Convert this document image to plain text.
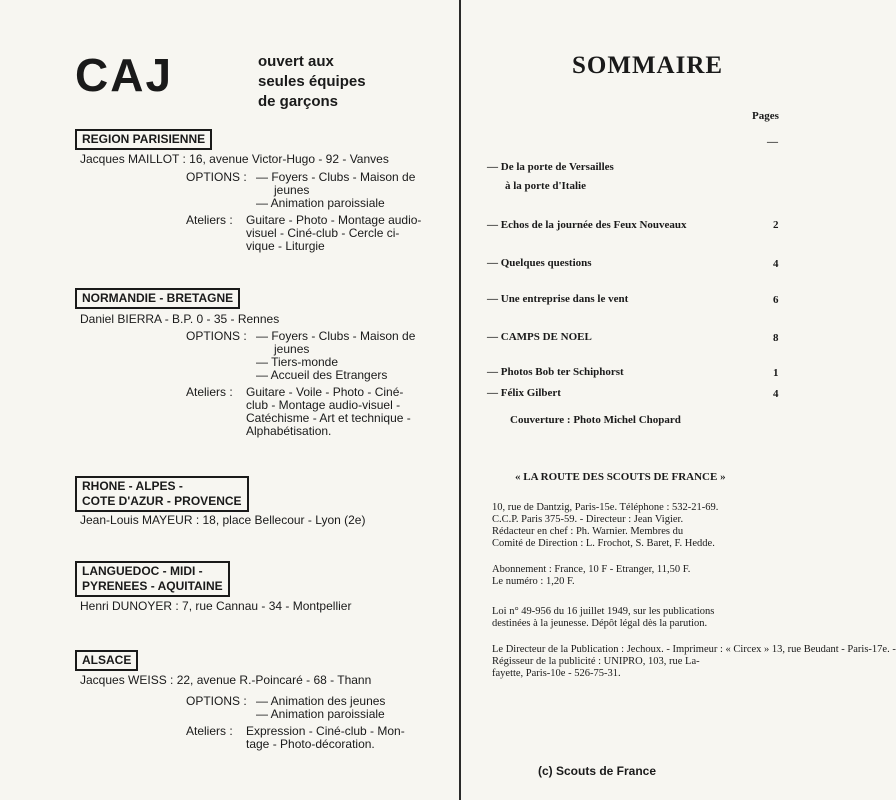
CAJ	ouvert aux
seules équipes
de garçons
REGION PARISIENNE
Jacques MAILLOT : 16, avenue Victor-Hugo - 92 - Vanves
OPTIONS : — Foyers - Clubs - Maison de
jeunes
— Animation paroissiale
Ateliers : Guitare - Photo - Montage audio-
visuel - Ciné-club - Cercle ci-
vique - Liturgie
NORMANDIE - BRETAGNE
Daniel BIERRA - B.P. 0 - 35 - Rennes
OPTIONS : — Foyers - Clubs - Maison de
jeunes
— Tiers-monde
— Accueil des Etrangers
Ateliers : Guitare - Voile - Photo - Ciné-
club - Montage audio-visuel -
Catéchisme - Art et technique -
Alphabétisation.
RHONE - ALPES -
COTE D'AZUR - PROVENCE
Jean-Louis MAYEUR : 18, place Bellecour - Lyon (2e)
LANGUEDOC - MIDI -
PYRENEES - AQUITAINE
Henri DUNOYER : 7, rue Cannau - 34 - Montpellier
ALSACE
Jacques WEISS : 22, avenue R.-Poincaré - 68 - Thann
OPTIONS : — Animation des jeunes
— Animation paroissiale
Ateliers : Expression - Ciné-club - Mon-
tage - Photo-décoration.
SOMMAIRE
Pages
—
— De la porte de Versailles
à la porte d'Italie
— Echos de la journée des Feux Nouveaux	2
— Quelques questions	4
— Une entreprise dans le vent	6
— CAMPS DE NOEL	8
— Photos Bob ter Schiphorst	1
— Félix Gilbert	4
Couverture : Photo Michel Chopard
« LA ROUTE DES SCOUTS DE FRANCE »
10, rue de Dantzig, Paris-15e. Téléphone : 532-21-69.
C.C.P. Paris 375-59. - Directeur : Jean Vigier.
Rédacteur en chef : Ph. Warnier. Membres du
Comité de Direction : L. Frochot, S. Baret, F. Hedde.
Abonnement : France, 10 F - Etranger, 11,50 F.
Le numéro : 1,20 F.
Loi n° 49-956 du 16 juillet 1949, sur les publications
destinées à la jeunesse. Dépôt légal dès la parution.
Le Directeur de la Publication : Jechoux. - Imprimeur : « Circex » 13, rue Beudant - Paris-17e. -
Régisseur de la publicité : UNIPRO, 103, rue La-
fayette, Paris-10e - 526-75-31.
(c) Scouts de France
